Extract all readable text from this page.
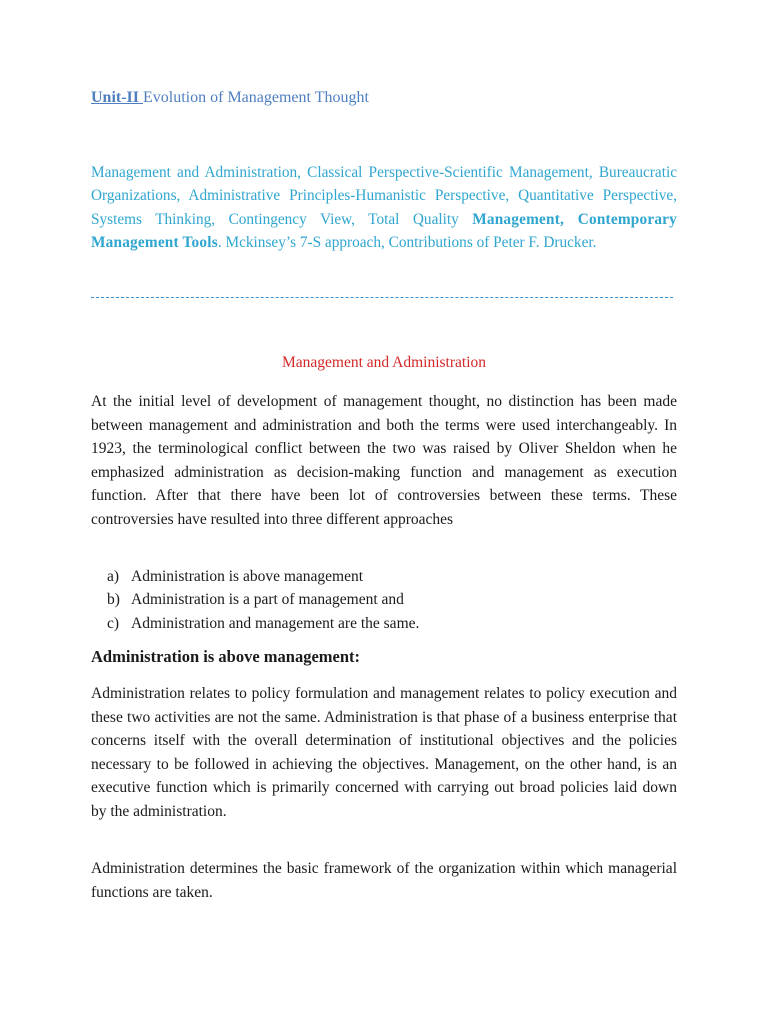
Unit-II Evolution of Management Thought
Management and Administration, Classical Perspective-Scientific Management, Bureaucratic Organizations, Administrative Principles-Humanistic Perspective, Quantitative Perspective, Systems Thinking, Contingency View, Total Quality Management, Contemporary Management Tools. Mckinsey’s 7-S approach, Contributions of Peter F. Drucker.
Management and Administration

At the initial level of development of management thought, no distinction has been made between management and administration and both the terms were used interchangeably. In 1923, the terminological conflict between the two was raised by Oliver Sheldon when he emphasized administration as decision-making function and management as execution function. After that there have been lot of controversies between these terms. These controversies have resulted into three different approaches

a) Administration is above management
b) Administration is a part of management and
c) Administration and management are the same.
Administration is above management:

Administration relates to policy formulation and management relates to policy execution and these two activities are not the same. Administration is that phase of a business enterprise that concerns itself with the overall determination of institutional objectives and the policies necessary to be followed in achieving the objectives. Management, on the other hand, is an executive function which is primarily concerned with carrying out broad policies laid down by the administration.

Administration determines the basic framework of the organization within which managerial functions are taken.
